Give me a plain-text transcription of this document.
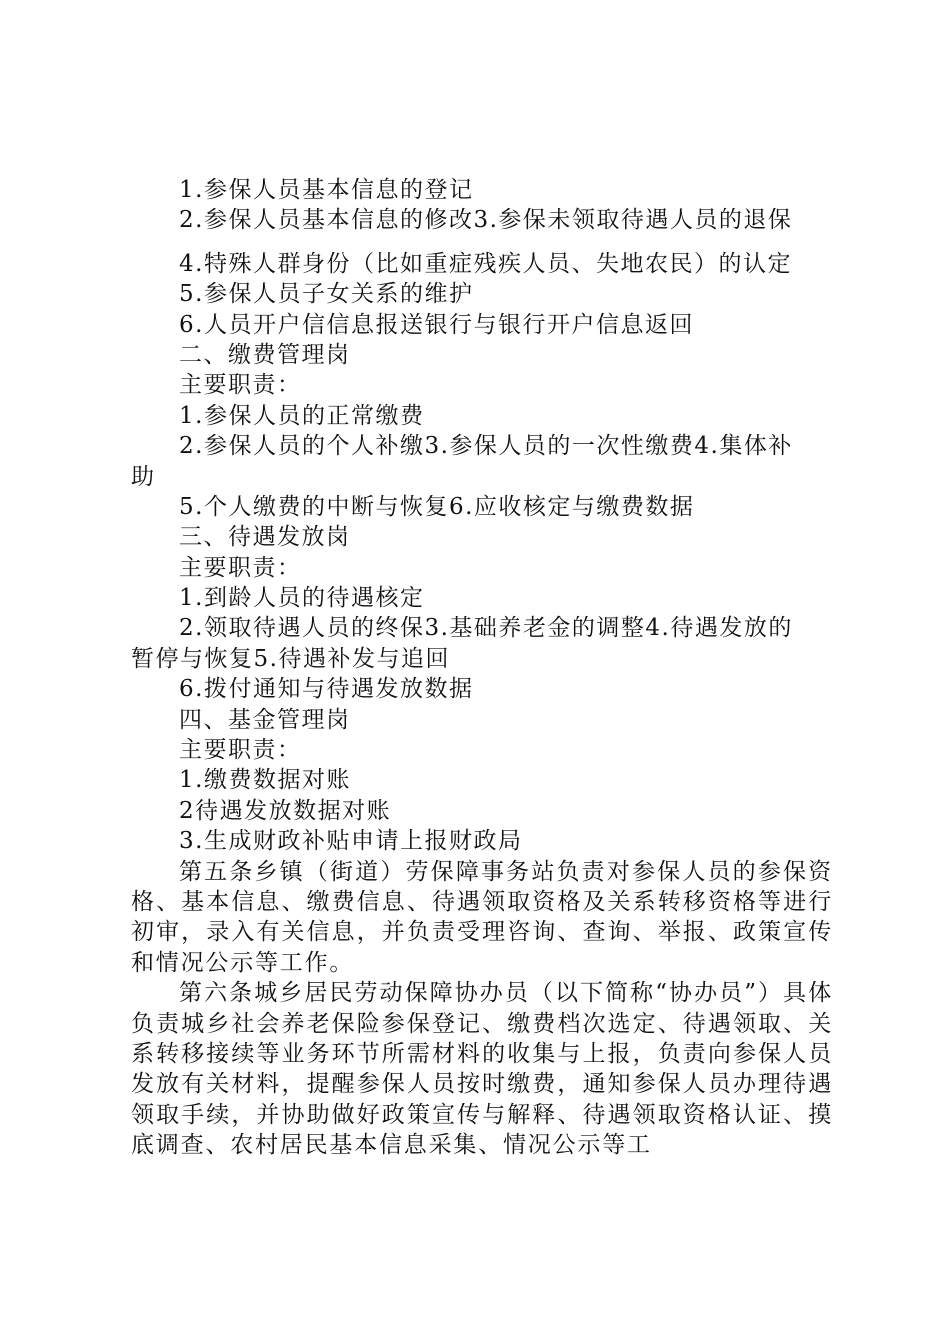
1.参保人员基本信息的登记
2.参保人员基本信息的修改3.参保未领取待遇人员的退保
4.特殊人群身份（比如重症残疾人员、失地农民）的认定
5.参保人员子女关系的维护
6.人员开户信信息报送银行与银行开户信息返回
二、缴费管理岗
主要职责：
1.参保人员的正常缴费
2.参保人员的个人补缴3.参保人员的一次性缴费4.集体补
助
5.个人缴费的中断与恢复6.应收核定与缴费数据
三、待遇发放岗
主要职责：
1.到龄人员的待遇核定
2.领取待遇人员的终保3.基础养老金的调整4.待遇发放的
暂停与恢复5.待遇补发与追回
6.拨付通知与待遇发放数据
四、基金管理岗
主要职责：
1.缴费数据对账
2待遇发放数据对账
3.生成财政补贴申请上报财政局
第五条乡镇（街道）劳保障事务站负责对参保人员的参保资格、基本信息、缴费信息、待遇领取资格及关系转移资格等进行初审，录入有关信息，并负责受理咨询、查询、举报、政策宣传和情况公示等工作。
第六条城乡居民劳动保障协办员（以下简称“协办员”）具体负责城乡社会养老保险参保登记、缴费档次选定、待遇领取、关系转移接续等业务环节所需材料的收集与上报，负责向参保人员发放有关材料，提醒参保人员按时缴费，通知参保人员办理待遇领取手续，并协助做好政策宣传与解释、待遇领取资格认证、摸底调查、农村居民基本信息采集、情况公示等工
